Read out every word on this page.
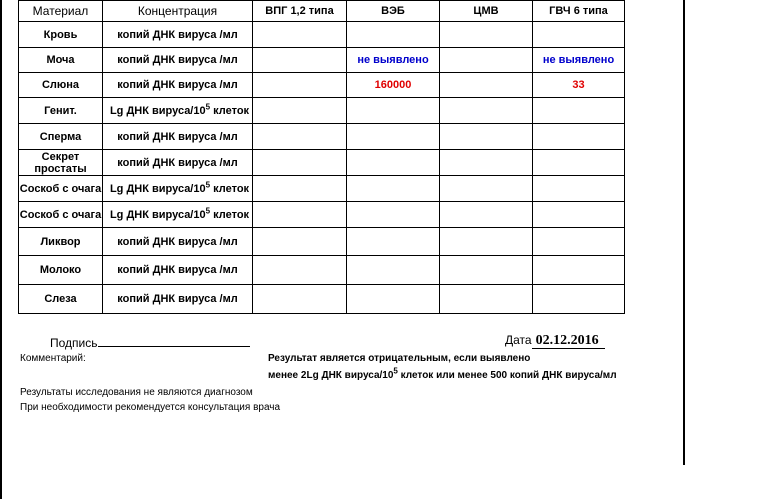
Материал	Концентрация	ВПГ 1,2 типа	ВЭБ	ЦМВ	ГВЧ 6 типа
Кровь	копий ДНК вируса /мл				
Моча	копий ДНК вируса /мл		не выявлено		не выявлено
Слюна	копий ДНК вируса /мл		160000		33
Генит.	Lg ДНК вируса/$10^5$ клеток				
Сперма	копий ДНК вируса /мл				
Секрет простаты	копий ДНК вируса /мл				
Соскоб с очага	Lg ДНК вируса/$10^5$ клеток				
Соскоб с очага	Lg ДНК вируса/$10^5$ клеток				
Ликвор	копий ДНК вируса /мл				
Молоко	копий ДНК вируса /мл				
Слеза	копий ДНК вируса /мл				
Подпись	Дата 02.12.2016
Комментарий:	Результат является отрицательным, если выявлено
менее 2Lg ДНК вируса/$10^5$ клеток или менее 500 копий ДНК вируса/мл
Результаты исследования не являются диагнозом
При необходимости рекомендуется консультация врача
